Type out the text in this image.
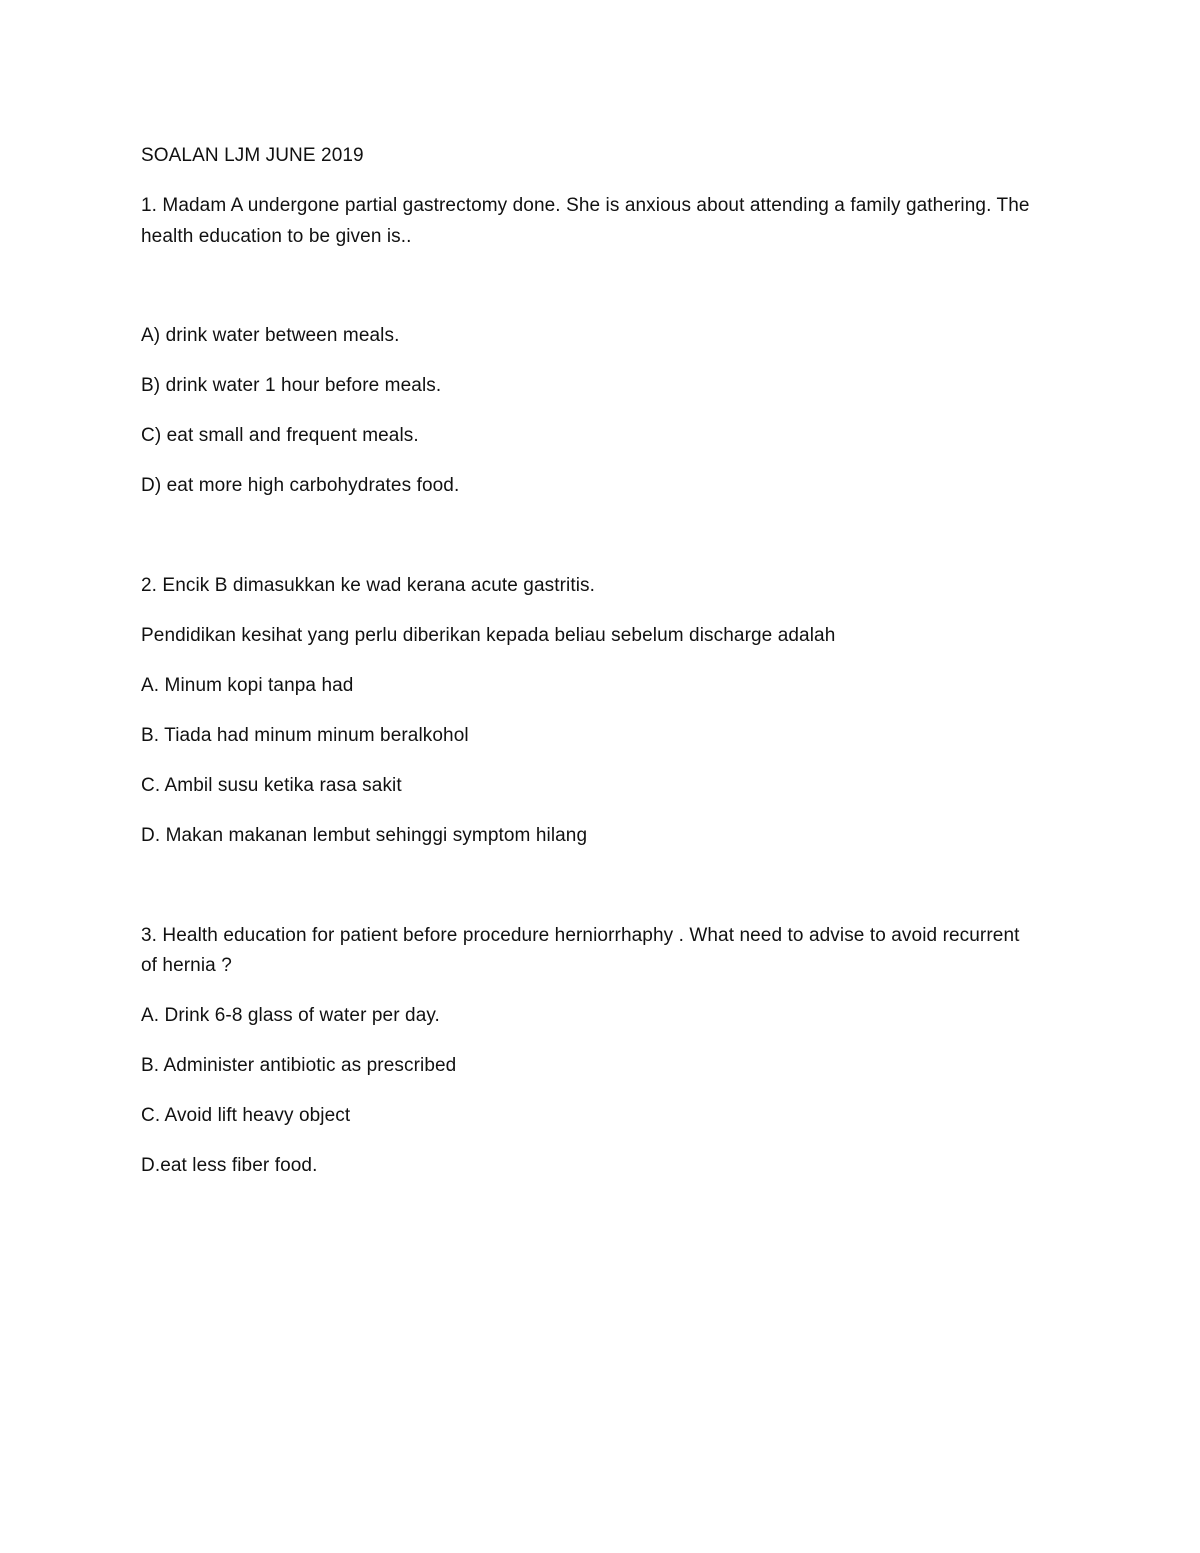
SOALAN LJM JUNE 2019
1. Madam A undergone partial gastrectomy done. She is anxious about attending a family gathering. The
health education to be given is..
A) drink water between meals.
B) drink water 1 hour before meals.
C) eat small and frequent meals.
D) eat more high carbohydrates food.
2. Encik B dimasukkan ke wad kerana acute gastritis.
Pendidikan kesihat yang perlu diberikan kepada beliau sebelum discharge adalah
A. Minum kopi tanpa had
B. Tiada had minum minum beralkohol
C. Ambil susu ketika rasa sakit
D. Makan makanan lembut sehinggi symptom hilang
3. Health education for patient before procedure herniorrhaphy . What need to advise to avoid recurrent
of hernia ?
A. Drink 6-8 glass of water per day.
B. Administer antibiotic as prescribed
C. Avoid lift heavy object
D.eat less fiber food.
